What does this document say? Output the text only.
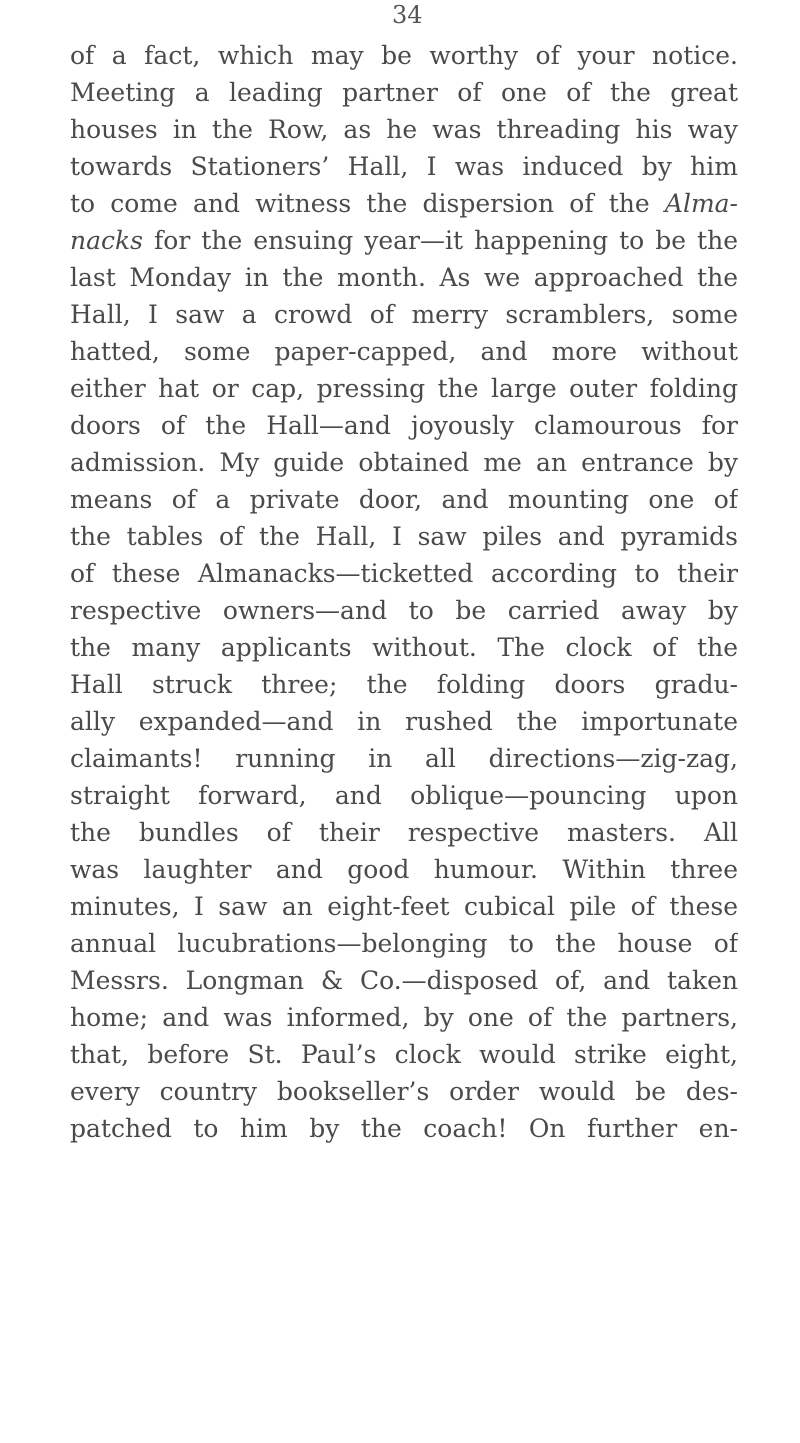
34
of a fact, which may be worthy of your notice.
Meeting a leading partner of one of the great
houses in the Row, as he was threading his way
towards Stationers’ Hall, I was induced by him
to come and witness the dispersion of the Alma-
nacks for the ensuing year—it happening to be the
last Monday in the month. As we approached the
Hall, I saw a crowd of merry scramblers, some
hatted, some paper-capped, and more without
either hat or cap, pressing the large outer folding
doors of the Hall—and joyously clamourous for
admission. My guide obtained me an entrance by
means of a private door, and mounting one of
the tables of the Hall, I saw piles and pyramids
of these Almanacks—ticketted according to their
respective owners—and to be carried away by
the many applicants without. The clock of the
Hall struck three; the folding doors gradu-
ally expanded—and in rushed the importunate
claimants! running in all directions—zig-zag,
straight forward, and oblique—pouncing upon
the bundles of their respective masters. All
was laughter and good humour. Within three
minutes, I saw an eight-feet cubical pile of these
annual lucubrations—belonging to the house of
Messrs. Longman & Co.—disposed of, and taken
home; and was informed, by one of the partners,
that, before St. Paul’s clock would strike eight,
every country bookseller’s order would be des-
patched to him by the coach! On further en-
